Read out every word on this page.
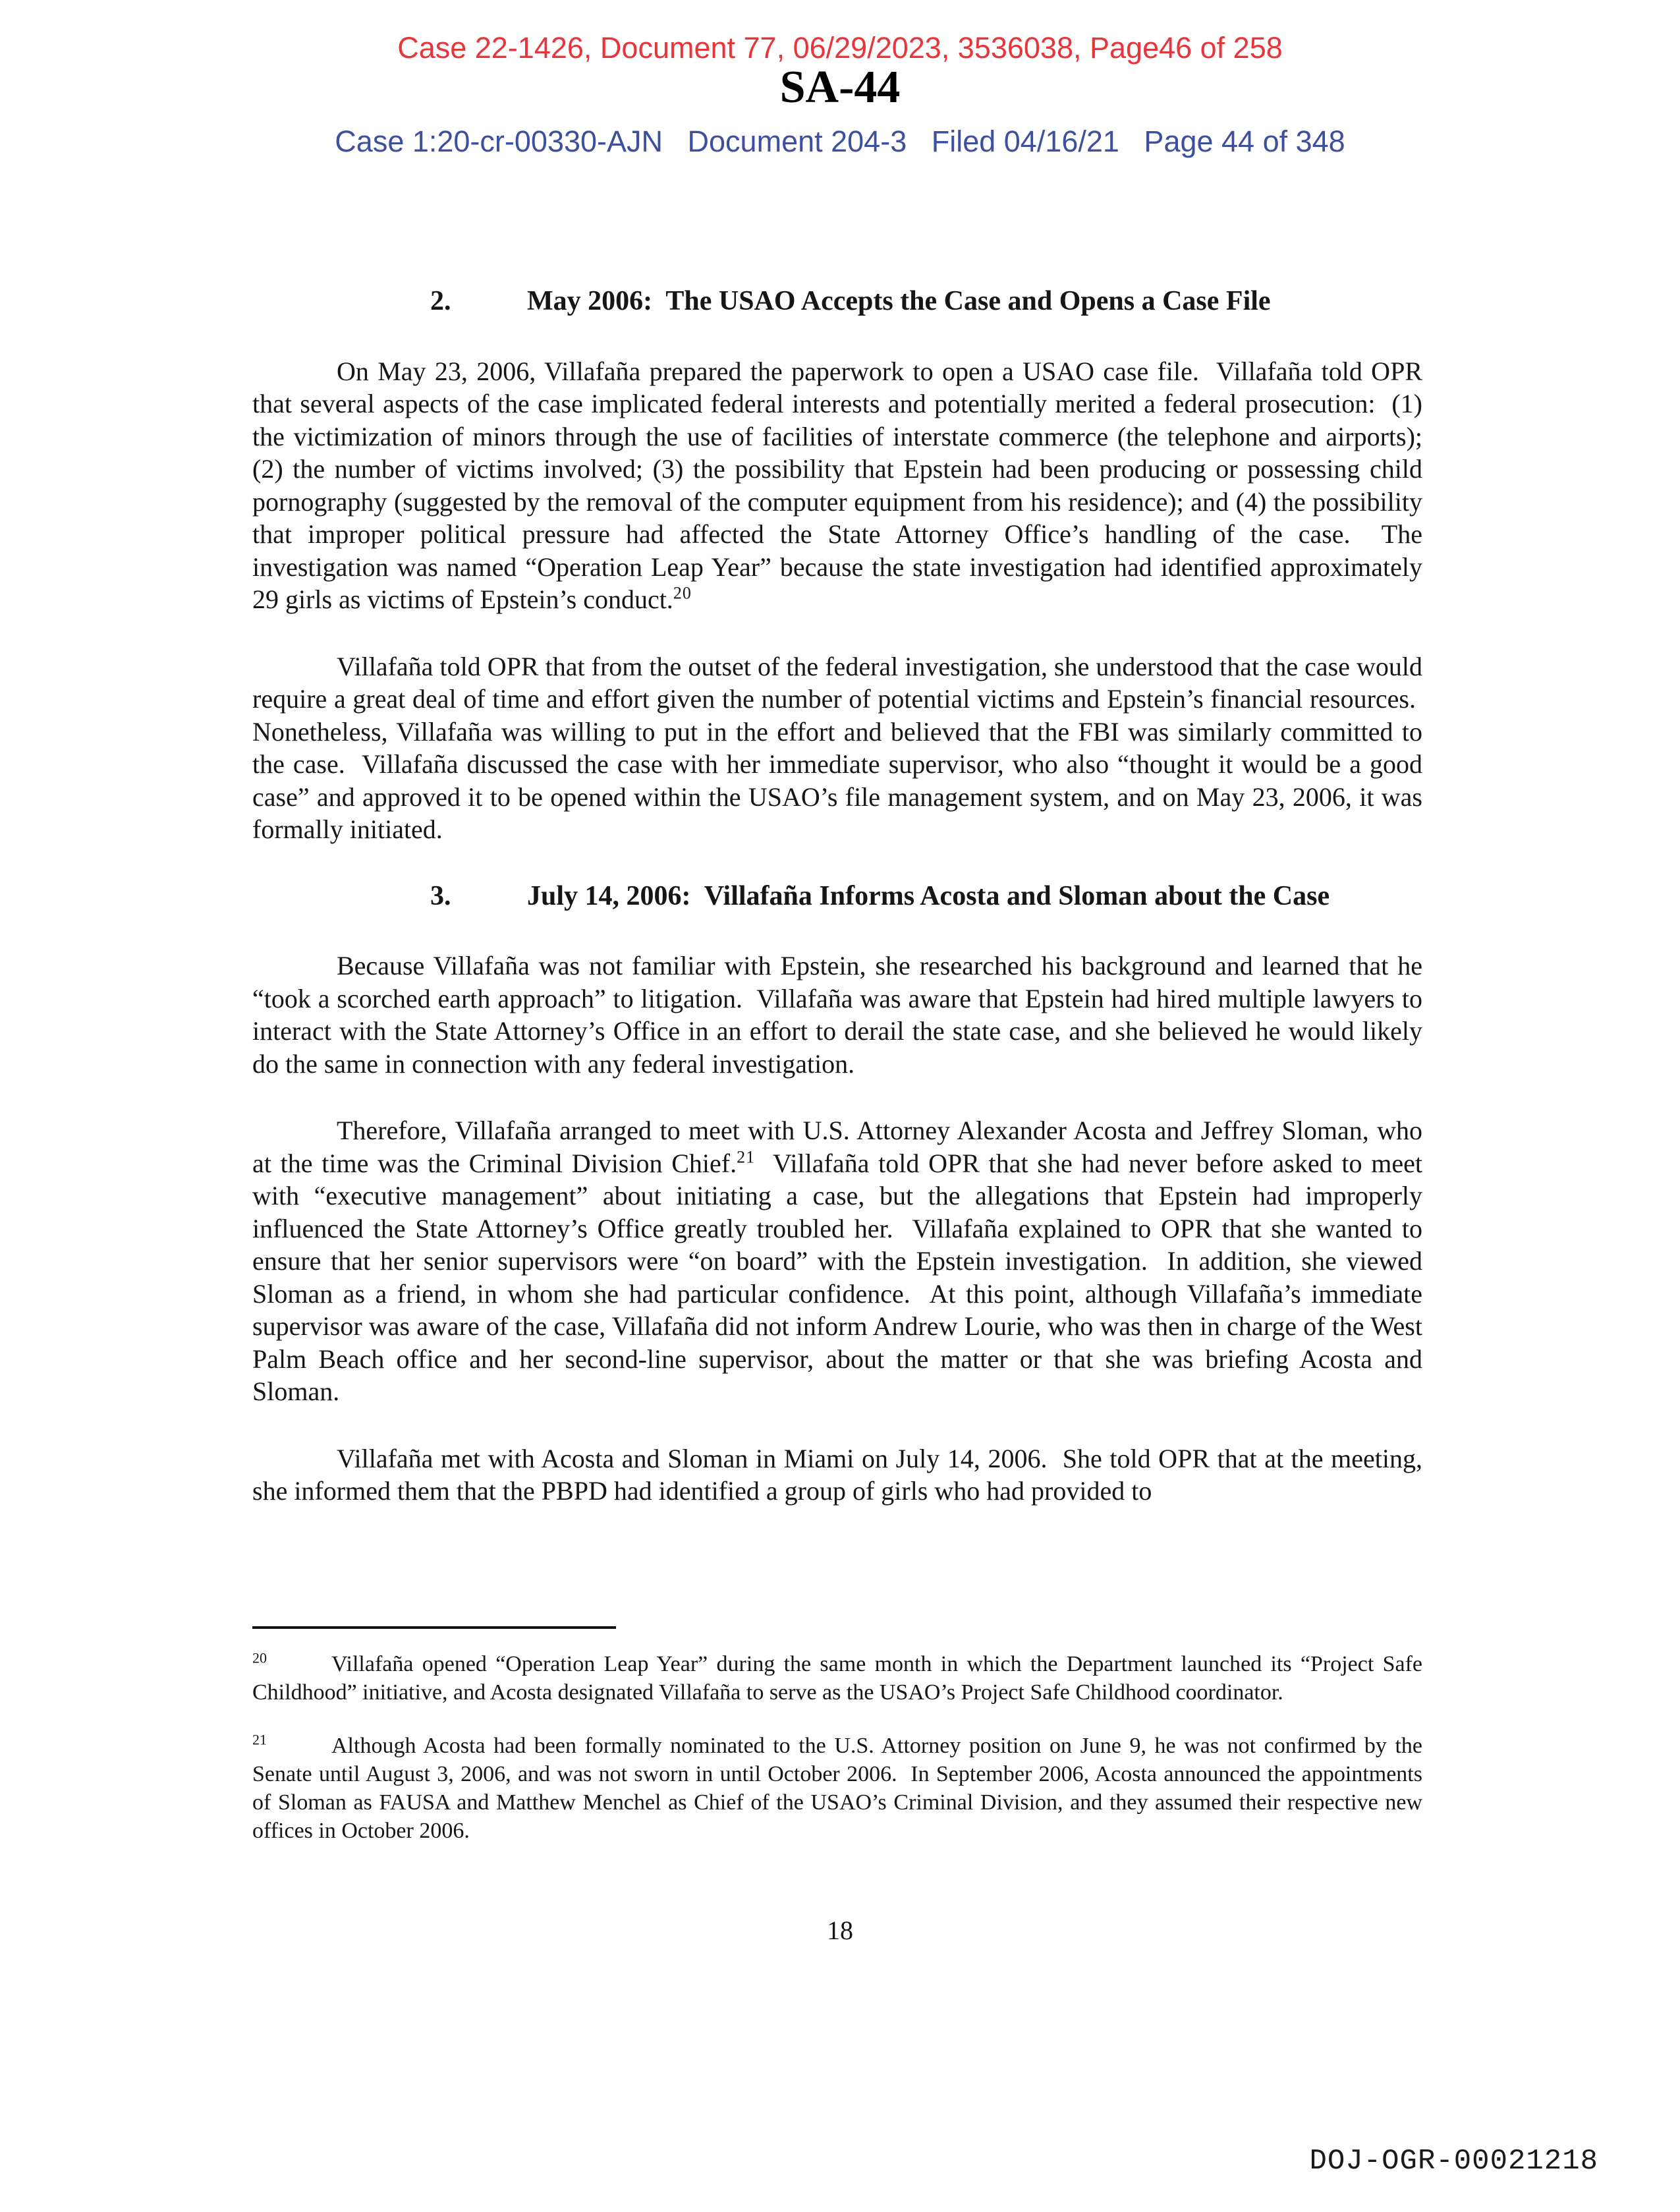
Case 22-1426, Document 77, 06/29/2023, 3536038, Page46 of 258
SA-44
Case 1:20-cr-00330-AJN   Document 204-3   Filed 04/16/21   Page 44 of 348
2.	May 2006:  The USAO Accepts the Case and Opens a Case File

On May 23, 2006, Villafaña prepared the paperwork to open a USAO case file.  Villafaña told OPR that several aspects of the case implicated federal interests and potentially merited a federal prosecution:  (1) the victimization of minors through the use of facilities of interstate commerce (the telephone and airports); (2) the number of victims involved; (3) the possibility that Epstein had been producing or possessing child pornography (suggested by the removal of the computer equipment from his residence); and (4) the possibility that improper political pressure had affected the State Attorney Office’s handling of the case.  The investigation was named “Operation Leap Year” because the state investigation had identified approximately 29 girls as victims of Epstein’s conduct.$^{20}$

Villafaña told OPR that from the outset of the federal investigation, she understood that the case would require a great deal of time and effort given the number of potential victims and Epstein’s financial resources.  Nonetheless, Villafaña was willing to put in the effort and believed that the FBI was similarly committed to the case.  Villafaña discussed the case with her immediate supervisor, who also “thought it would be a good case” and approved it to be opened within the USAO’s file management system, and on May 23, 2006, it was formally initiated.

3.	July 14, 2006:  Villafaña Informs Acosta and Sloman about the Case

Because Villafaña was not familiar with Epstein, she researched his background and learned that he “took a scorched earth approach” to litigation.  Villafaña was aware that Epstein had hired multiple lawyers to interact with the State Attorney’s Office in an effort to derail the state case, and she believed he would likely do the same in connection with any federal investigation.

Therefore, Villafaña arranged to meet with U.S. Attorney Alexander Acosta and Jeffrey Sloman, who at the time was the Criminal Division Chief.$^{21}$  Villafaña told OPR that she had never before asked to meet with “executive management” about initiating a case, but the allegations that Epstein had improperly influenced the State Attorney’s Office greatly troubled her.  Villafaña explained to OPR that she wanted to ensure that her senior supervisors were “on board” with the Epstein investigation.  In addition, she viewed Sloman as a friend, in whom she had particular confidence.  At this point, although Villafaña’s immediate supervisor was aware of the case, Villafaña did not inform Andrew Lourie, who was then in charge of the West Palm Beach office and her second-line supervisor, about the matter or that she was briefing Acosta and Sloman.

Villafaña met with Acosta and Sloman in Miami on July 14, 2006.  She told OPR that at the meeting, she informed them that the PBPD had identified a group of girls who had provided to

$^{20}$	Villafaña opened “Operation Leap Year” during the same month in which the Department launched its “Project Safe Childhood” initiative, and Acosta designated Villafaña to serve as the USAO’s Project Safe Childhood coordinator.

$^{21}$	Although Acosta had been formally nominated to the U.S. Attorney position on June 9, he was not confirmed by the Senate until August 3, 2006, and was not sworn in until October 2006.  In September 2006, Acosta announced the appointments of Sloman as FAUSA and Matthew Menchel as Chief of the USAO’s Criminal Division, and they assumed their respective new offices in October 2006.

18
DOJ-OGR-00021218
